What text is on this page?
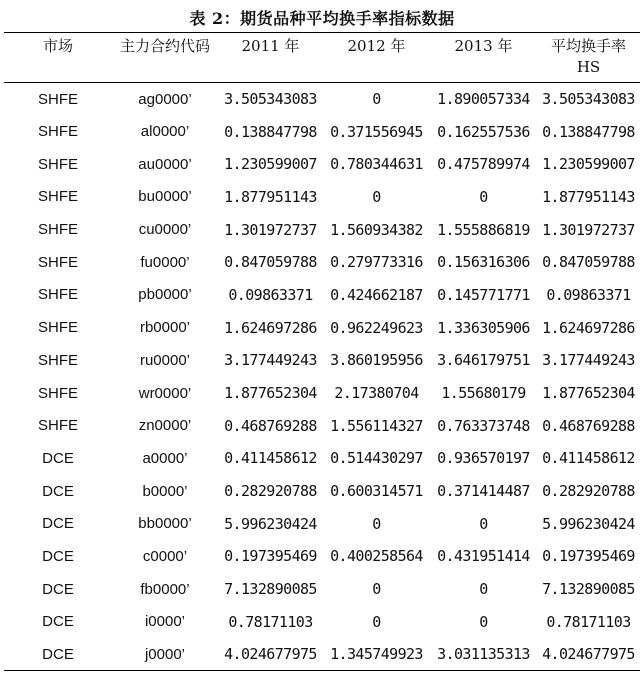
表 2：期货品种平均换手率指标数据
市场	主力合约代码	2011 年	2012 年	2013 年	平均换手率 HS
SHFE	ag0000’	3.505343083	0	1.890057334	3.505343083
SHFE	al0000’	0.138847798	0.371556945	0.162557536	0.138847798
SHFE	au0000’	1.230599007	0.780344631	0.475789974	1.230599007
SHFE	bu0000’	1.877951143	0	0	1.877951143
SHFE	cu0000’	1.301972737	1.560934382	1.555886819	1.301972737
SHFE	fu0000’	0.847059788	0.279773316	0.156316306	0.847059788
SHFE	pb0000’	0.09863371	0.424662187	0.145771771	0.09863371
SHFE	rb0000’	1.624697286	0.962249623	1.336305906	1.624697286
SHFE	ru0000’	3.177449243	3.860195956	3.646179751	3.177449243
SHFE	wr0000’	1.877652304	2.17380704	1.55680179	1.877652304
SHFE	zn0000’	0.468769288	1.556114327	0.763373748	0.468769288
DCE	a0000’	0.411458612	0.514430297	0.936570197	0.411458612
DCE	b0000’	0.282920788	0.600314571	0.371414487	0.282920788
DCE	bb0000’	5.996230424	0	0	5.996230424
DCE	c0000’	0.197395469	0.400258564	0.431951414	0.197395469
DCE	fb0000’	7.132890085	0	0	7.132890085
DCE	i0000’	0.78171103	0	0	0.78171103
DCE	j0000’	4.024677975	1.345749923	3.031135313	4.024677975
